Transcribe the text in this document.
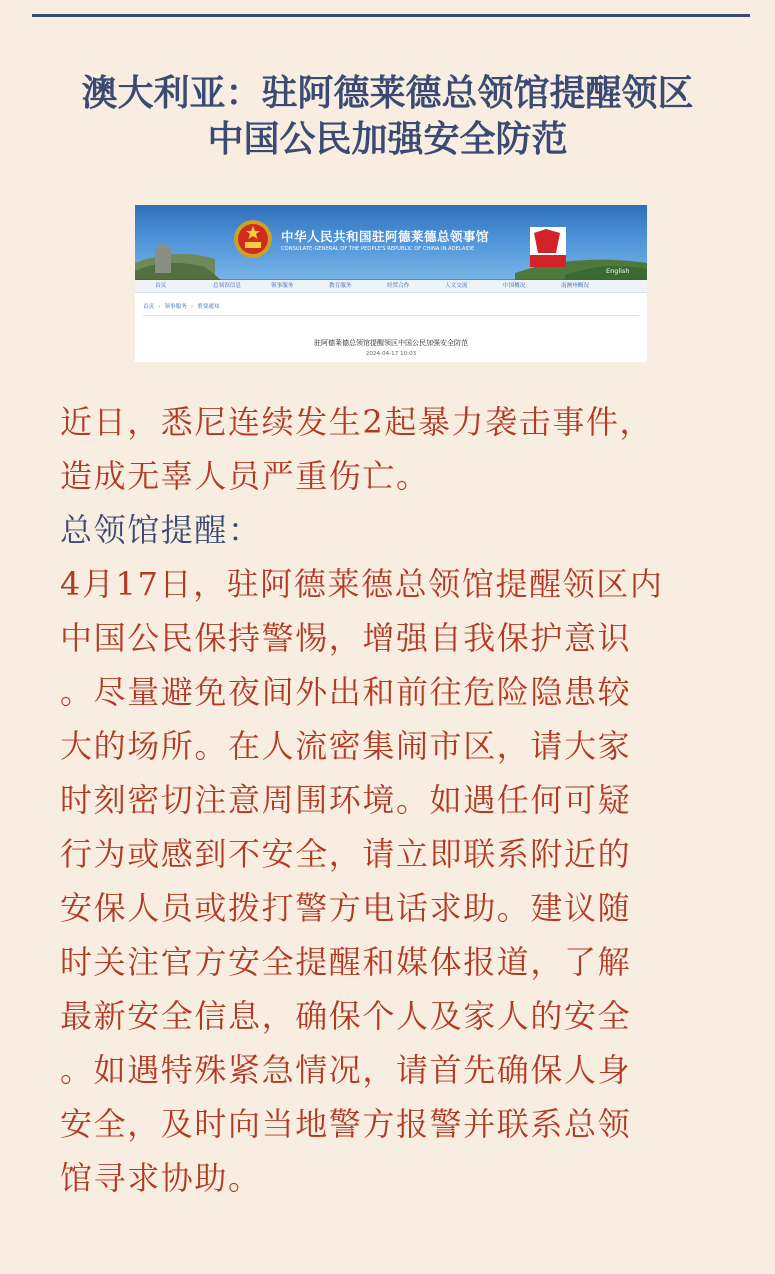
澳大利亚：驻阿德莱德总领馆提醒领区
中国公民加强安全防范
中华人民共和国驻阿德莱德总领事馆
CONSULATE-GENERAL OF THE PEOPLE'S REPUBLIC OF CHINA IN ADELAIDE
English
首页	总领馆信息	领事服务	教育服务	经贸合作	人文交流	中国概况	南澳州概况
首页 › 领事服务 › 重要通知
驻阿德莱德总领馆提醒领区中国公民加强安全防范
2024-04-17 10:03
近日，悉尼连续发生2起暴力袭击事件，
造成无辜人员严重伤亡。
总领馆提醒：
4月17日，驻阿德莱德总领馆提醒领区内
中国公民保持警惕，增强自我保护意识
。尽量避免夜间外出和前往危险隐患较
大的场所。在人流密集闹市区，请大家
时刻密切注意周围环境。如遇任何可疑
行为或感到不安全，请立即联系附近的
安保人员或拨打警方电话求助。建议随
时关注官方安全提醒和媒体报道，了解
最新安全信息，确保个人及家人的安全
。如遇特殊紧急情况，请首先确保人身
安全，及时向当地警方报警并联系总领
馆寻求协助。
